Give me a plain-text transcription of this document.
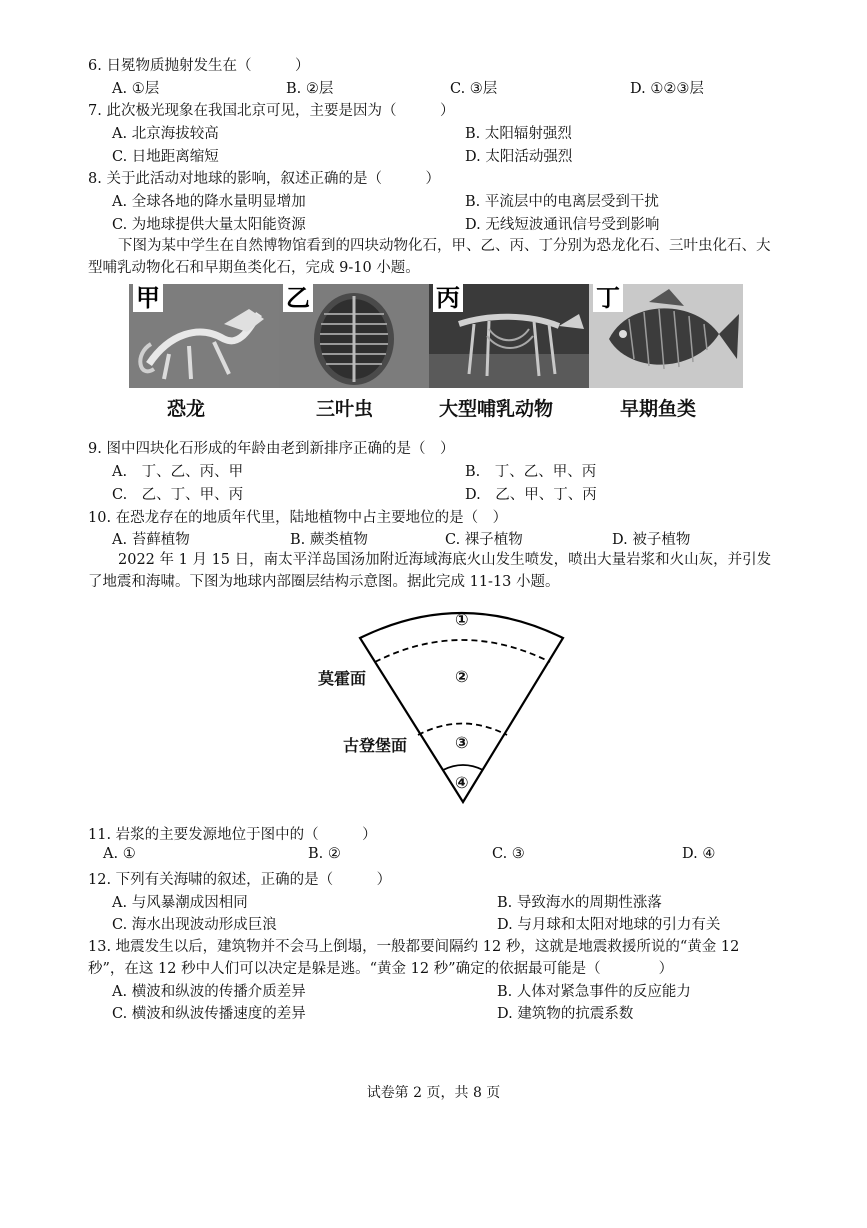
6. 日冕物质抛射发生在（　　　）
A. ①层	B. ②层	C. ③层	D. ①②③层
7. 此次极光现象在我国北京可见，主要是因为（　　　）
A. 北京海拔较高	B. 太阳辐射强烈
C. 日地距离缩短	D. 太阳活动强烈
8. 关于此活动对地球的影响，叙述正确的是（　　　）
A. 全球各地的降水量明显增加	B. 平流层中的电离层受到干扰
C. 为地球提供大量太阳能资源	D. 无线短波通讯信号受到影响
下图为某中学生在自然博物馆看到的四块动物化石，甲、乙、丙、丁分别为恐龙化石、三叶虫化石、大型哺乳动物化石和早期鱼类化石，完成 9-10 小题。
甲	乙	丙	丁
恐龙	三叶虫	大型哺乳动物	早期鱼类
9. 图中四块化石形成的年龄由老到新排序正确的是（　）
A.　丁、乙、丙、甲	B.　丁、乙、甲、丙
C.　乙、丁、甲、丙	D.　乙、甲、丁、丙
10. 在恐龙存在的地质年代里，陆地植物中占主要地位的是（　）
A. 苔藓植物	B. 蕨类植物	C. 裸子植物	D. 被子植物
2022 年 1 月 15 日，南太平洋岛国汤加附近海域海底火山发生喷发，喷出大量岩浆和火山灰，并引发了地震和海啸。下图为地球内部圈层结构示意图。据此完成 11-13 小题。
①
②
③
④
莫霍面
古登堡面
11. 岩浆的主要发源地位于图中的（　　　）
A. ①	B. ②	C. ③	D. ④
12. 下列有关海啸的叙述，正确的是（　　　）
A. 与风暴潮成因相同	B. 导致海水的周期性涨落
C. 海水出现波动形成巨浪	D. 与月球和太阳对地球的引力有关
13. 地震发生以后，建筑物并不会马上倒塌，一般都要间隔约 12 秒，这就是地震救援所说的“黄金 12 秒”，在这 12 秒中人们可以决定是躲是逃。“黄金 12 秒”确定的依据最可能是（　　　　）
A. 横波和纵波的传播介质差异	B. 人体对紧急事件的反应能力
C. 横波和纵波传播速度的差异	D. 建筑物的抗震系数
试卷第 2 页，共 8 页
